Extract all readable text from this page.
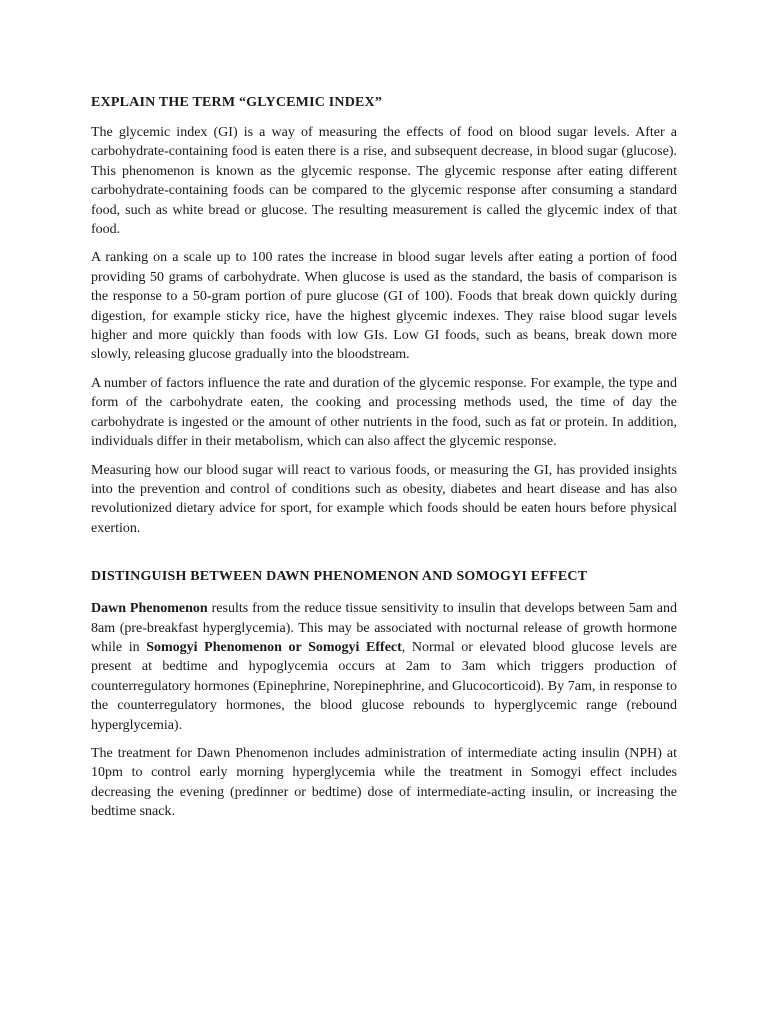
EXPLAIN THE TERM “GLYCEMIC INDEX”

The glycemic index (GI) is a way of measuring the effects of food on blood sugar levels. After a carbohydrate-containing food is eaten there is a rise, and subsequent decrease, in blood sugar (glucose). This phenomenon is known as the glycemic response. The glycemic response after eating different carbohydrate-containing foods can be compared to the glycemic response after consuming a standard food, such as white bread or glucose. The resulting measurement is called the glycemic index of that food.

A ranking on a scale up to 100 rates the increase in blood sugar levels after eating a portion of food providing 50 grams of carbohydrate. When glucose is used as the standard, the basis of comparison is the response to a 50-gram portion of pure glucose (GI of 100). Foods that break down quickly during digestion, for example sticky rice, have the highest glycemic indexes. They raise blood sugar levels higher and more quickly than foods with low GIs. Low GI foods, such as beans, break down more slowly, releasing glucose gradually into the bloodstream.

A number of factors influence the rate and duration of the glycemic response. For example, the type and form of the carbohydrate eaten, the cooking and processing methods used, the time of day the carbohydrate is ingested or the amount of other nutrients in the food, such as fat or protein. In addition, individuals differ in their metabolism, which can also affect the glycemic response.

Measuring how our blood sugar will react to various foods, or measuring the GI, has provided insights into the prevention and control of conditions such as obesity, diabetes and heart disease and has also revolutionized dietary advice for sport, for example which foods should be eaten hours before physical exertion.

DISTINGUISH BETWEEN DAWN PHENOMENON AND SOMOGYI EFFECT

Dawn Phenomenon results from the reduce tissue sensitivity to insulin that develops between 5am and 8am (pre-breakfast hyperglycemia). This may be associated with nocturnal release of growth hormone while in Somogyi Phenomenon or Somogyi Effect, Normal or elevated blood glucose levels are present at bedtime and hypoglycemia occurs at 2am to 3am which triggers production of counterregulatory hormones (Epinephrine, Norepinephrine, and Glucocorticoid). By 7am, in response to the counterregulatory hormones, the blood glucose rebounds to hyperglycemic range (rebound hyperglycemia).

The treatment for Dawn Phenomenon includes administration of intermediate acting insulin (NPH) at 10pm to control early morning hyperglycemia while the treatment in Somogyi effect includes decreasing the evening (predinner or bedtime) dose of intermediate-acting insulin, or increasing the bedtime snack.
